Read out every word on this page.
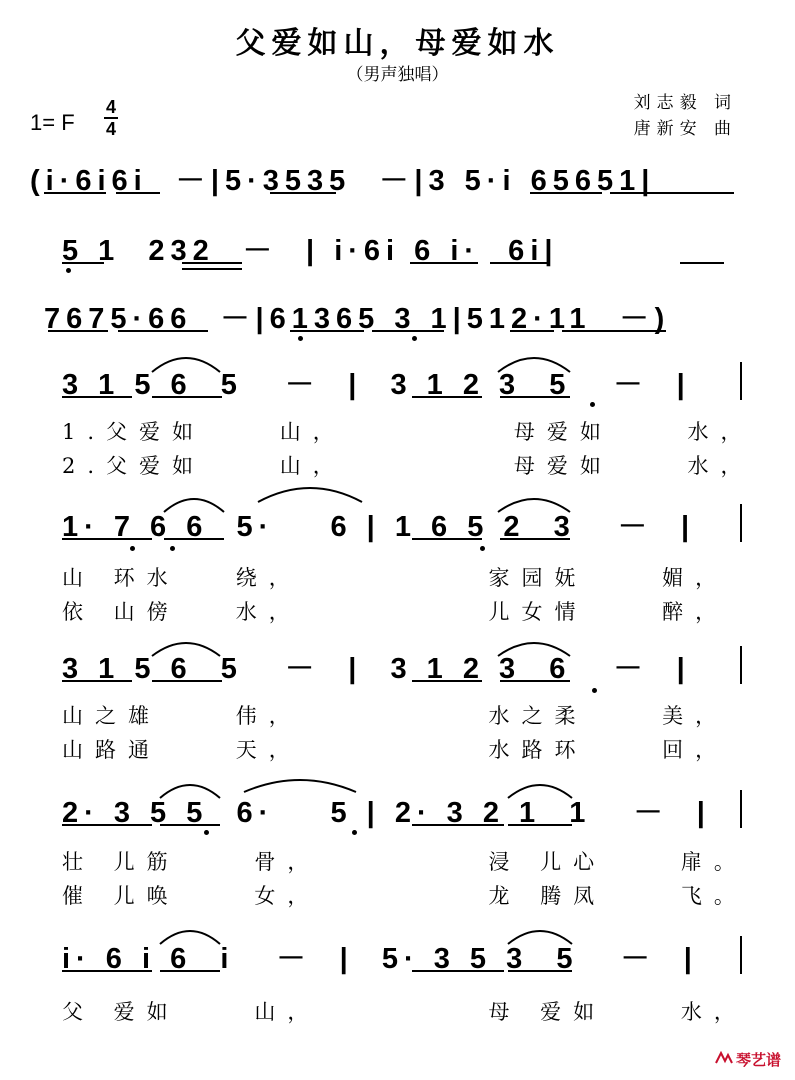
父爱如山，母爱如水
（男声独唱）
1= F
4
4
刘志毅 词
唐新安 曲
(i·6i6i  －|5·3535  －|3 5·i 65651|
5 1  232  －  | i·6i 6 i·  6i|
7675·66  －|61365 3 1|512·11  －)
3 1 5 6  5   －  |  3 1 2 3  5   －  |
1.父爱如    山，         母爱如    水，
2.父爱如    山，         母爱如    水，
1· 7 6 6  5·    6 | 1 6 5 2  3   －  |
山 环水   绕，          家园妩    媚，
依 山傍   水，          儿女情    醉，
3 1 5 6  5   －  |  3 1 2 3  6   －  |
山之雄    伟，          水之柔    美，
山路通    天，          水路环    回，
2· 3 5 5  6·    5 | 2· 3 2 1  1   －  |
壮 儿筋    骨，         浸 儿心    扉。
催 儿唤    女，         龙 腾凤    飞。
i· 6 i 6  i   －  |  5· 3 5 3  5   －  |
父 爱如    山，         母 爱如    水，
琴艺谱
